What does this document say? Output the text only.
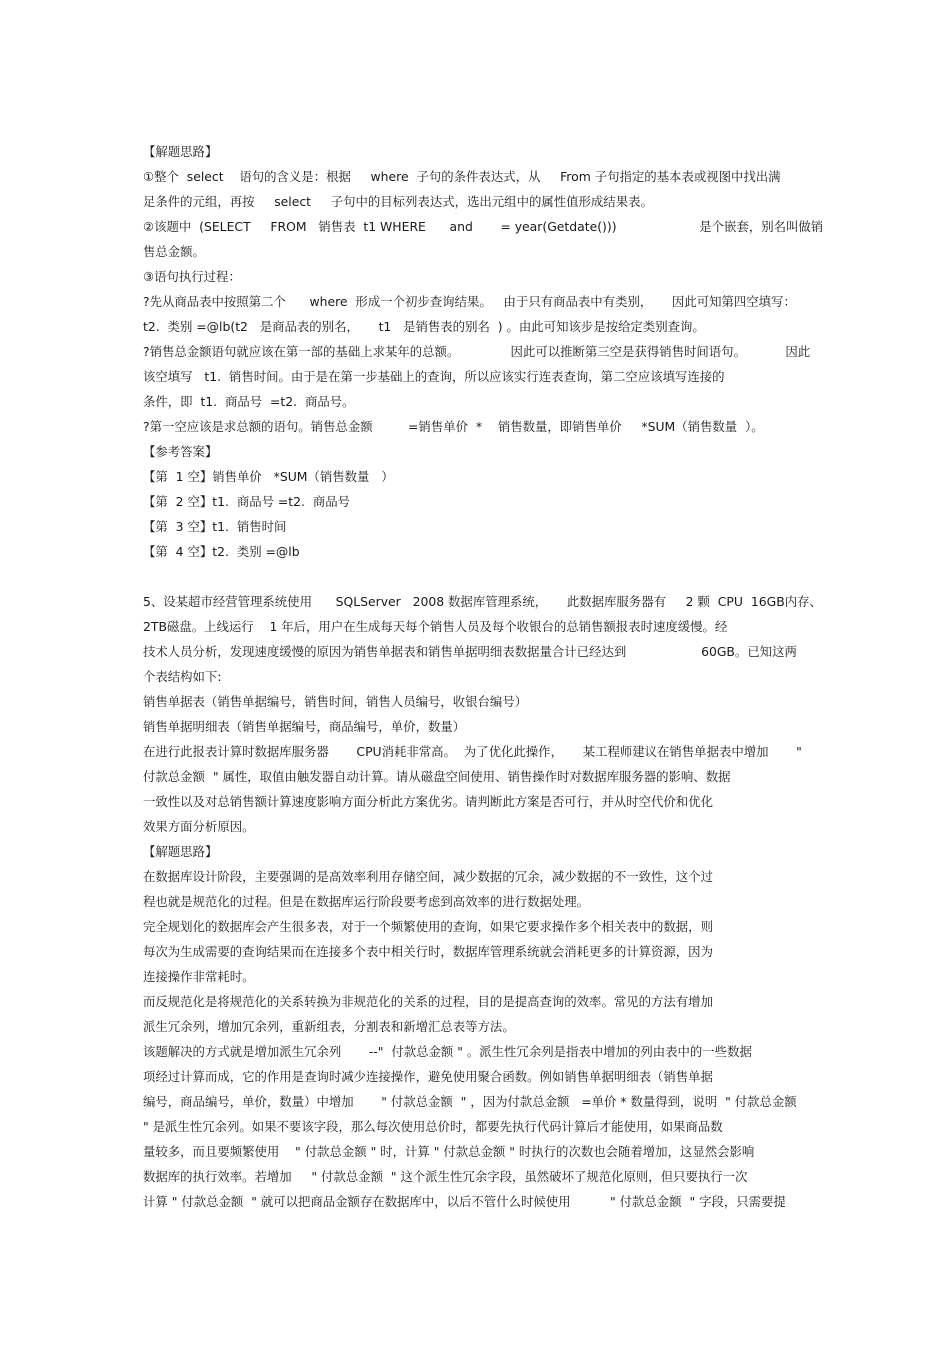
【解题思路】
①整个  select    语句的含义是：根据     where  子句的条件表达式，从     From 子句指定的基本表或视图中找出满
足条件的元组，再按     select     子句中的目标列表达式，选出元组中的属性值形成结果表。
②该题中  (SELECT     FROM   销售表  t1 WHERE      and       = year(Getdate()))                     是个嵌套，别名叫做销
售总金额。
③语句执行过程：
?先从商品表中按照第二个      where  形成一个初步查询结果。   由于只有商品表中有类别，     因此可知第四空填写：
t2.  类别 =@lb(t2   是商品表的别名，     t1   是销售表的别名  ) 。由此可知该步是按给定类别查询。
?销售总金额语句就应该在第一部的基础上求某年的总额。             因此可以推断第三空是获得销售时间语句。          因此
该空填写   t1.  销售时间。由于是在第一步基础上的查询，所以应该实行连表查询，第二空应该填写连接的
条件，即  t1.  商品号  =t2.  商品号。
?第一空应该是求总额的语句。销售总金额         =销售单价  *    销售数量，即销售单价     *SUM（销售数量  ）。
【参考答案】
【第  1 空】销售单价   *SUM（销售数量   ）
【第  2 空】t1.  商品号 =t2.  商品号
【第  3 空】t1.  销售时间
【第  4 空】t2.  类别 =@lb
5、设某超市经营管理系统使用      SQLServer   2008 数据库管理系统，     此数据库服务器有     2 颗  CPU  16GB内存、
2TB磁盘。上线运行    1 年后，用户在生成每天每个销售人员及每个收银台的总销售额报表时速度缓慢。经
技术人员分析，发现速度缓慢的原因为销售单据表和销售单据明细表数据量合计已经达到                   60GB。已知这两
个表结构如下:
销售单据表（销售单据编号，销售时间，销售人员编号，收银台编号）
销售单据明细表（销售单据编号，商品编号，单价，数量）
在进行此报表计算时数据库服务器       CPU消耗非常高。  为了优化此操作，     某工程师建议在销售单据表中增加       "
付款总金额  " 属性，取值由触发器自动计算。请从磁盘空间使用、销售操作时对数据库服务器的影响、数据
一致性以及对总销售额计算速度影响方面分析此方案优劣。请判断此方案是否可行，并从时空代价和优化
效果方面分析原因。
【解题思路】
在数据库设计阶段，主要强调的是高效率利用存储空间，减少数据的冗余，减少数据的不一致性，这个过
程也就是规范化的过程。但是在数据库运行阶段要考虑到高效率的进行数据处理。
完全规划化的数据库会产生很多表，对于一个频繁使用的查询，如果它要求操作多个相关表中的数据，则
每次为生成需要的查询结果而在连接多个表中相关行时，数据库管理系统就会消耗更多的计算资源，因为
连接操作非常耗时。
而反规范化是将规范化的关系转换为非规范化的关系的过程，目的是提高查询的效率。常见的方法有增加
派生冗余列，增加冗余列，重新组表，分割表和新增汇总表等方法。
该题解决的方式就是增加派生冗余列       --"  付款总金额 " 。派生性冗余列是指表中增加的列由表中的一些数据
项经过计算而成，它的作用是查询时减少连接操作，避免使用聚合函数。例如销售单据明细表（销售单据
编号，商品编号，单价，数量）中增加       " 付款总金额  " ，因为付款总金额   =单价 * 数量得到，说明  " 付款总金额
" 是派生性冗余列。如果不要该字段，那么每次使用总价时，都要先执行代码计算后才能使用，如果商品数
量较多，而且要频繁使用    " 付款总金额 " 时，计算 " 付款总金额 " 时执行的次数也会随着增加，这显然会影响
数据库的执行效率。若增加     " 付款总金额  " 这个派生性冗余字段，虽然破坏了规范化原则，但只要执行一次
计算 " 付款总金额  " 就可以把商品金额存在数据库中，以后不管什么时候使用          " 付款总金额  " 字段，只需要提
